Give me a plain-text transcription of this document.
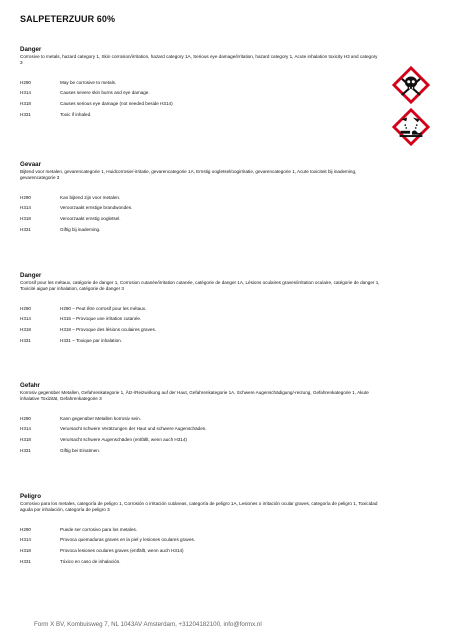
SALPETERZUUR 60%
Danger
Corrosive to metals, hazard category 1, Skin corrosion/irritation, hazard category 1A, Serious eye damage/irritation, hazard category 1, Acute inhalation toxicity H3 and category 3
H290	May be corrosive to metals.
H314	Causes severe skin burns and eye damage.
H318	Causes serious eye damage (not needed beside H314)
H331	Toxic if inhaled.
Gevaar
Bijtend voor metalen, gevarencategorie 1, Huidcorrosie/-irritatie, gevarencategorie 1A, Ernstig oogletsel/oogirritatie, gevarencategorie 1, Acute toxiciteit bij inademing, gevarencategorie 3
H290	Kan bijtend zijn voor metalen.
H314	Veroorzaakt ernstige brandwonden.
H318	Veroorzaakt ernstig oogletsel.
H331	Giftig bij inademing.
Danger
Corrosif pour les métaux, catégorie de danger 1, Corrosion cutanée/irritation cutanée, catégorie de danger 1A, Lésions oculaires graves/irritation oculaire, catégorie de danger 1, Toxicité aiguë par inhalation, catégorie de danger 3
H290	H290 – Peut être corrosif pour les métaux.
H314	H315 – Provoque une irritation cutanée.
H318	H318 – Provoque des lésions oculaires graves.
H331	H331 – Toxique par inhalation.
Gefahr
Korrosiv gegenüber Metallen, Gefahrenkategorie 1, Ätz-/Reizwirkung auf der Haut, Gefahrenkategorie 1A, Schwere Augenschädigung/-reizung, Gefahrenkategorie 1, Akute inhalative Toxizität, Gefahrenkategorie 3
H290	Kann gegenüber Metallen korrosiv sein.
H314	Verursacht schwere Verätzungen der Haut und schwere Augenschäden.
H318	Verursacht schwere Augenschäden (entfällt, wenn auch H314)
H331	Giftig bei Einatmen.
Peligro
Corrosivo para los metales, categoría de peligro 1, Corrosión o irritación cutáneas, categoría de peligro 1A, Lesiones o irritación ocular graves, categoría de peligro 1, Toxicidad aguda por inhalación, categoría de peligro 3
H290	Puede ser corrosivo para los metales.
H314	Provoca quemaduras graves en la piel y lesiones oculares graves.
H318	Provoca lesiones oculares graves (entfällt, wenn auch H314)
H331	Tóxico en caso de inhalación.
Form X BV, Kombuisweg 7, NL 1043AV Amsterdam, +31204182100, info@formx.nl
